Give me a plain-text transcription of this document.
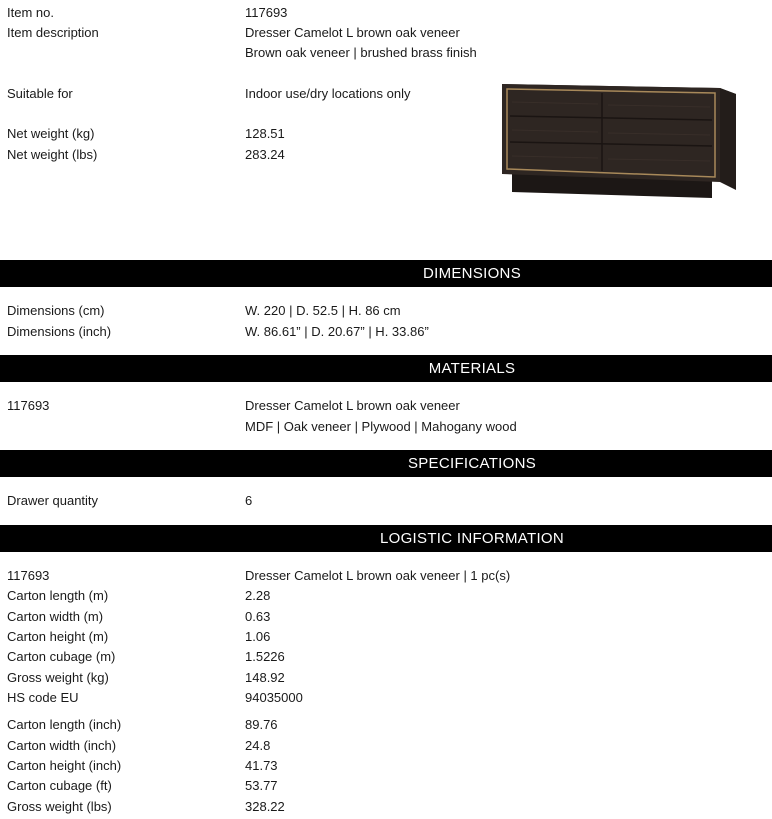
Item no.	117693
Item description	Dresser Camelot L brown oak veneer
Brown oak veneer | brushed brass finish
Suitable for	Indoor use/dry locations only
Net weight (kg)	128.51
Net weight (lbs)	283.24
DIMENSIONS
Dimensions (cm)	W. 220 | D. 52.5 | H. 86 cm
Dimensions (inch)	W. 86.61” | D. 20.67” | H. 33.86”
MATERIALS
117693	Dresser Camelot L brown oak veneer
MDF | Oak veneer | Plywood | Mahogany wood
SPECIFICATIONS
Drawer quantity	6
LOGISTIC INFORMATION
117693	Dresser Camelot L brown oak veneer | 1 pc(s)
Carton length (m)	2.28
Carton width (m)	0.63
Carton height (m)	1.06
Carton cubage (m)	1.5226
Gross weight (kg)	148.92
HS code EU	94035000
Carton length (inch)	89.76
Carton width (inch)	24.8
Carton height (inch)	41.73
Carton cubage (ft)	53.77
Gross weight (lbs)	328.22
